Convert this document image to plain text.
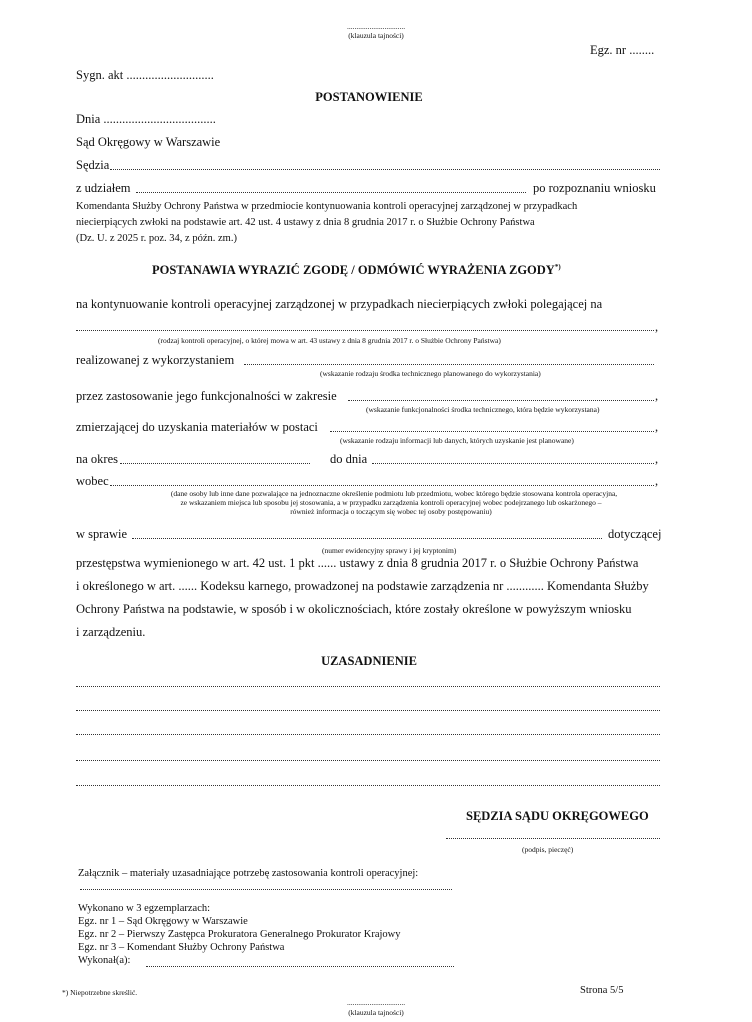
...............................
(klauzula tajności)
Egz. nr ........
Sygn. akt ............................
POSTANOWIENIE
Dnia ....................................
Sąd Okręgowy w Warszawie
Sędzia
z udziałem	po rozpoznaniu wniosku
Komendanta Służby Ochrony Państwa w przedmiocie kontynuowania kontroli operacyjnej zarządzonej w przypadkach
niecierpiących zwłoki na podstawie art. 42 ust. 4 ustawy z dnia 8 grudnia 2017 r. o Służbie Ochrony Państwa
(Dz. U. z 2025 r. poz. 34, z późn. zm.)
POSTANAWIA WYRAZIĆ ZGODĘ / ODMÓWIĆ WYRAŻENIA ZGODY*)
na kontynuowanie kontroli operacyjnej zarządzonej w przypadkach niecierpiących zwłoki polegającej na
,
(rodzaj kontroli operacyjnej, o której mowa w art. 43 ustawy z dnia 8 grudnia 2017 r. o Służbie Ochrony Państwa)
realizowanej z wykorzystaniem
(wskazanie rodzaju środka technicznego planowanego do wykorzystania)
przez zastosowanie jego funkcjonalności w zakresie	,
(wskazanie funkcjonalności środka technicznego, która będzie wykorzystana)
zmierzającej do uzyskania materiałów w postaci	,
(wskazanie rodzaju informacji lub danych, których uzyskanie jest planowane)
na okres	do dnia	,
wobec	,
(dane osoby lub inne dane pozwalające na jednoznaczne określenie podmiotu lub przedmiotu, wobec którego będzie stosowana kontrola operacyjna,
ze wskazaniem miejsca lub sposobu jej stosowania, a w przypadku zarządzenia kontroli operacyjnej wobec podejrzanego lub oskarżonego –
również informacja o toczącym się wobec tej osoby postępowaniu)
w sprawie	dotyczącej
(numer ewidencyjny sprawy i jej kryptonim)
przestępstwa wymienionego w art. 42 ust. 1 pkt ...... ustawy z dnia 8 grudnia 2017 r. o Służbie Ochrony Państwa
i określonego w art. ...... Kodeksu karnego, prowadzonej na podstawie zarządzenia nr ............ Komendanta Służby
Ochrony Państwa na podstawie, w sposób i w okolicznościach, które zostały określone w powyższym wniosku
i zarządzeniu.
UZASADNIENIE
SĘDZIA SĄDU OKRĘGOWEGO
(podpis, pieczęć)
Załącznik – materiały uzasadniające potrzebę zastosowania kontroli operacyjnej:
Wykonano w 3 egzemplarzach:
Egz. nr 1 – Sąd Okręgowy w Warszawie
Egz. nr 2 – Pierwszy Zastępca Prokuratora Generalnego Prokurator Krajowy
Egz. nr 3 – Komendant Służby Ochrony Państwa
Wykonał(a):
*) Niepotrzebne skreślić.	Strona 5/5
...............................
(klauzula tajności)
